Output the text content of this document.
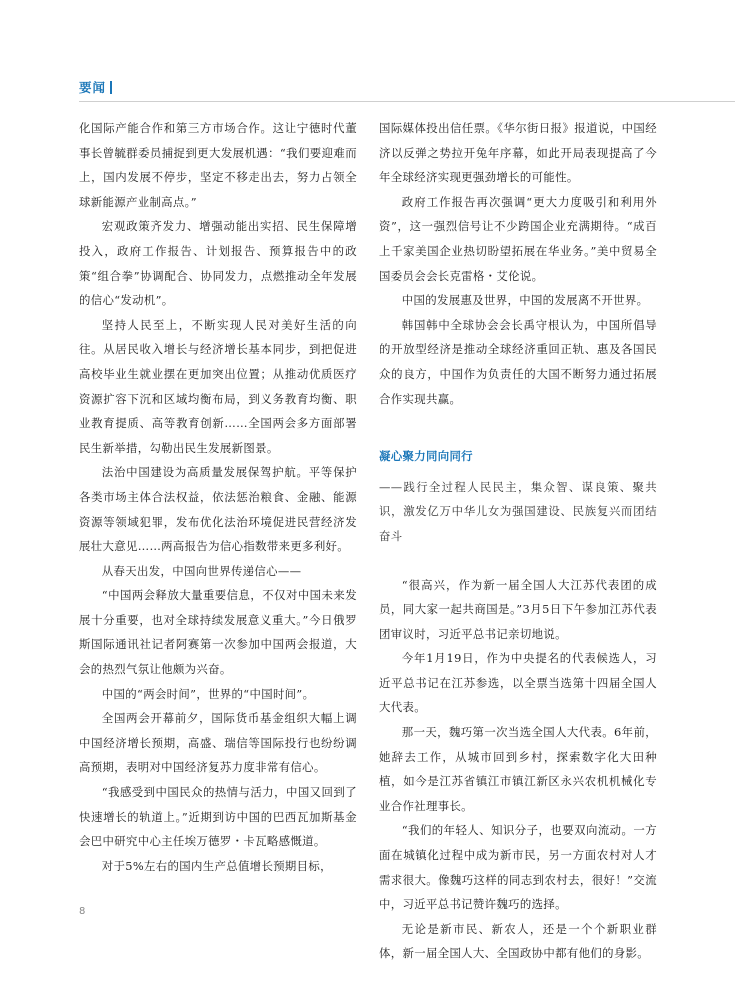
要闻

化国际产能合作和第三方市场合作。这让宁德时代董事长曾毓群委员捕捉到更大发展机遇：“我们要迎难而上，国内发展不停步，坚定不移走出去，努力占领全球新能源产业制高点。”

宏观政策齐发力、增强动能出实招、民生保障增投入，政府工作报告、计划报告、预算报告中的政策“组合拳”协调配合、协同发力，点燃推动全年发展的信心“发动机”。

坚持人民至上，不断实现人民对美好生活的向往。从居民收入增长与经济增长基本同步，到把促进高校毕业生就业摆在更加突出位置；从推动优质医疗资源扩容下沉和区域均衡布局，到义务教育均衡、职业教育提质、高等教育创新……全国两会多方面部署民生新举措，勾勒出民生发展新图景。

法治中国建设为高质量发展保驾护航。平等保护各类市场主体合法权益，依法惩治粮食、金融、能源资源等领域犯罪，发布优化法治环境促进民营经济发展壮大意见……两高报告为信心指数带来更多利好。

从春天出发，中国向世界传递信心——

“中国两会释放大量重要信息，不仅对中国未来发展十分重要，也对全球持续发展意义重大。”今日俄罗斯国际通讯社记者阿赛第一次参加中国两会报道，大会的热烈气氛让他颇为兴奋。

中国的“两会时间”，世界的“中国时间”。

全国两会开幕前夕，国际货币基金组织大幅上调中国经济增长预期，高盛、瑞信等国际投行也纷纷调高预期，表明对中国经济复苏力度非常有信心。

“我感受到中国民众的热情与活力，中国又回到了快速增长的轨道上。”近期到访中国的巴西瓦加斯基金会巴中研究中心主任埃万德罗・卡瓦略感慨道。

对于5%左右的国内生产总值增长预期目标，

国际媒体投出信任票。《华尔街日报》报道说，中国经济以反弹之势拉开兔年序幕，如此开局表现提高了今年全球经济实现更强劲增长的可能性。

政府工作报告再次强调“更大力度吸引和利用外资”，这一强烈信号让不少跨国企业充满期待。“成百上千家美国企业热切盼望拓展在华业务。”美中贸易全国委员会会长克雷格・艾伦说。

中国的发展惠及世界，中国的发展离不开世界。

韩国韩中全球协会会长禹守根认为，中国所倡导的开放型经济是推动全球经济重回正轨、惠及各国民众的良方，中国作为负责任的大国不断努力通过拓展合作实现共赢。

凝心聚力同向同行

——践行全过程人民民主，集众智、谋良策、聚共识，激发亿万中华儿女为强国建设、民族复兴而团结奋斗

“很高兴，作为新一届全国人大江苏代表团的成员，同大家一起共商国是。”3月5日下午参加江苏代表团审议时，习近平总书记亲切地说。

今年1月19日，作为中央提名的代表候选人，习近平总书记在江苏参选，以全票当选第十四届全国人大代表。

那一天，魏巧第一次当选全国人大代表。6年前，她辞去工作，从城市回到乡村，探索数字化大田种植，如今是江苏省镇江市镇江新区永兴农机机械化专业合作社理事长。

“我们的年轻人、知识分子，也要双向流动。一方面在城镇化过程中成为新市民，另一方面农村对人才需求很大。像魏巧这样的同志到农村去，很好！”交流中，习近平总书记赞许魏巧的选择。

无论是新市民、新农人，还是一个个新职业群体，新一届全国人大、全国政协中都有他们的身影。

8
